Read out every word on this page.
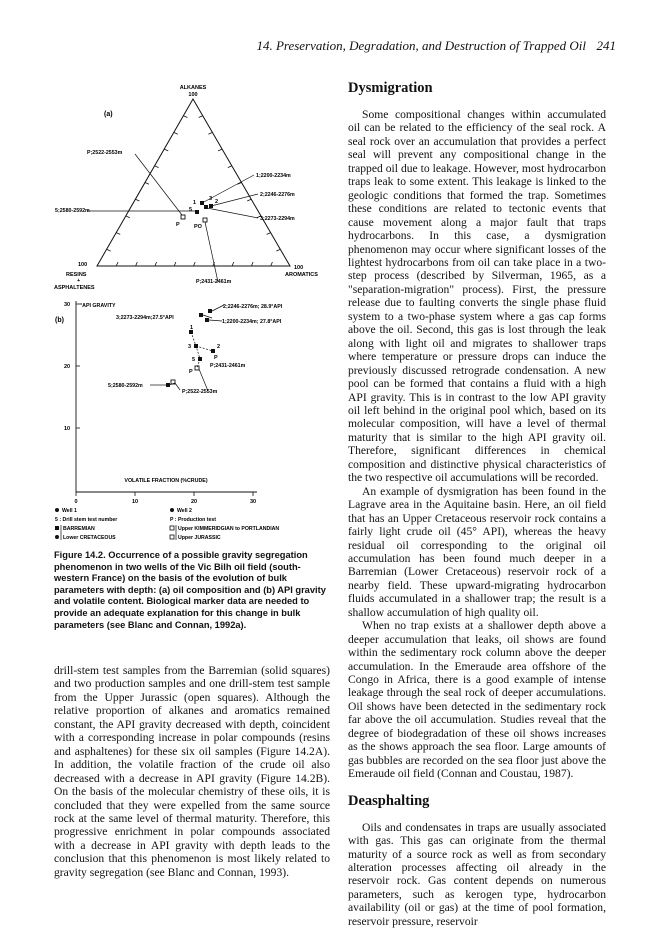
14. Preservation, Degradation, and Destruction of Trapped Oil 241
(a)
ALKANES
100
1
3 2
5
PO
P
P;2522-2553m
5;2580-2592m
1;2200-2234m
2;2246-2276m
3;2273-2294m
P;2431-2461m
100
RESINS
+
ASPHALTENES
100
AROMATICS
(b)
°API GRAVITY
30
20
10
0	10	20	30
VOLATILE FRACTION (%CRUDE)
3;2273-2294m;27.5°API
2;2246-2276m; 28.9°API
1;2200-2234m; 27.8°API
1
3	2
5	P
P
P;2431-2461m
5;2580-2592m
P;2522-2553m
Well 1	Well 2
5 : Drill stem test number	P : Production test
BARREMIAN	Upper KIMMERIDGIAN to PORTLANDIAN
Lower CRETACEOUS	Upper JURASSIC
Figure 14.2. Occurrence of a possible gravity segregation phenomenon in two wells of the Vic Bilh oil field (south-western France) on the basis of the evolution of bulk parameters with depth: (a) oil composition and (b) API gravity and volatile content. Biological marker data are needed to provide an adequate explanation for this change in bulk parameters (see Blanc and Connan, 1992a).

drill-stem test samples from the Barremian (solid squares) and two production samples and one drill-stem test sample from the Upper Jurassic (open squares). Although the relative proportion of alkanes and aromatics remained constant, the API gravity decreased with depth, coincident with a corresponding increase in polar compounds (resins and asphaltenes) for these six oil samples (Figure 14.2A). In addition, the volatile fraction of the crude oil also decreased with a decrease in API gravity (Figure 14.2B). On the basis of the molecular chemistry of these oils, it is concluded that they were expelled from the same source rock at the same level of thermal maturity. Therefore, this progressive enrichment in polar compounds associated with a decrease in API gravity with depth leads to the conclusion that this phenomenon is most likely related to gravity segregation (see Blanc and Connan, 1993).

Dysmigration

Some compositional changes within accumulated oil can be related to the efficiency of the seal rock. A seal rock over an accumulation that provides a perfect seal will prevent any compositional change in the trapped oil due to leakage. However, most hydrocarbon traps leak to some extent. This leakage is linked to the geologic conditions that formed the trap. Sometimes these conditions are related to tectonic events that cause movement along a major fault that traps hydrocarbons. In this case, a dysmigration phenomenon may occur where significant losses of the lightest hydrocarbons from oil can take place in a two-step process (described by Silverman, 1965, as a "separation-migration" process). First, the pressure release due to faulting converts the single phase fluid system to a two-phase system where a gas cap forms above the oil. Second, this gas is lost through the leak along with light oil and migrates to shallower traps where temperature or pressure drops can induce the previously discussed retrograde condensation. A new pool can be formed that contains a fluid with a high API gravity. This is in contrast to the low API gravity oil left behind in the original pool which, based on its molecular composition, will have a level of thermal maturity that is similar to the high API gravity oil. Therefore, significant differences in chemical composition and distinctive physical characteristics of the two respective oil accumulations will be recorded.

An example of dysmigration has been found in the Lagrave area in the Aquitaine basin. Here, an oil field that has an Upper Cretaceous reservoir rock contains a fairly light crude oil (45° API), whereas the heavy residual oil corresponding to the original oil accumulation has been found much deeper in a Barremian (Lower Cretaceous) reservoir rock of a nearby field. These upward-migrating hydrocarbon fluids accumulated in a shallower trap; the result is a shallow accumulation of high quality oil.

When no trap exists at a shallower depth above a deeper accumulation that leaks, oil shows are found within the sedimentary rock column above the deeper accumulation. In the Emeraude area offshore of the Congo in Africa, there is a good example of intense leakage through the seal rock of deeper accumulations. Oil shows have been detected in the sedimentary rock far above the oil accumulation. Studies reveal that the degree of biodegradation of these oil shows increases as the shows approach the sea floor. Large amounts of gas bubbles are recorded on the sea floor just above the Emeraude oil field (Connan and Coustau, 1987).

Deasphalting

Oils and condensates in traps are usually associated with gas. This gas can originate from the thermal maturity of a source rock as well as from secondary alteration processes affecting oil already in the reservoir rock. Gas content depends on numerous parameters, such as kerogen type, hydrocarbon availability (oil or gas) at the time of pool formation, reservoir pressure, reservoir
